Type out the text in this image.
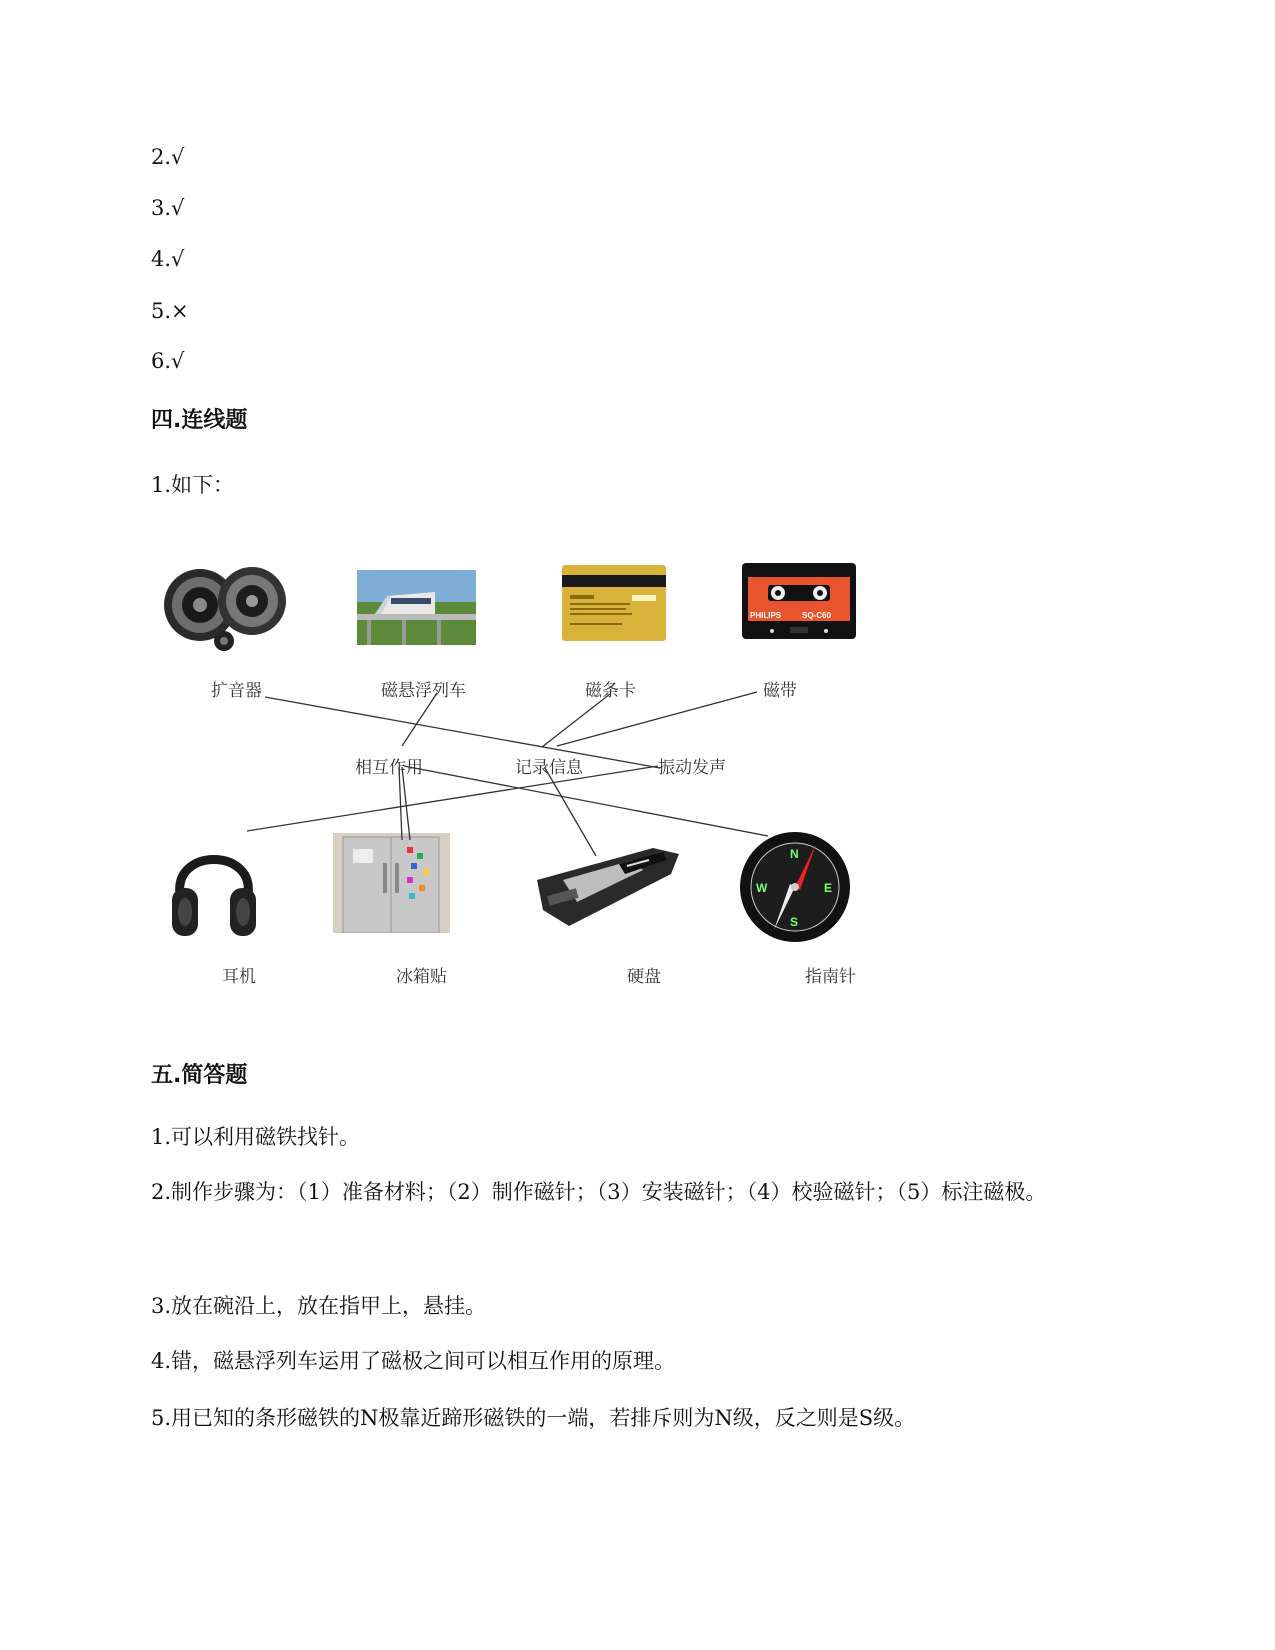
2.√
3.√
4.√
5.×
6.√
四.连线题
1.如下：
扩音器	磁悬浮列车	磁条卡
PHILIPS	SQ-C60
磁带
相互作用	记录信息	振动发声
耳机	冰箱贴	硬盘
N
S
W	E
指南针
五.简答题
1.可以利用磁铁找针。
2.制作步骤为：（1）准备材料；（2）制作磁针；（3）安装磁针；（4）校验磁针；（5）标注磁极。
3.放在碗沿上，放在指甲上，悬挂。
4.错，磁悬浮列车运用了磁极之间可以相互作用的原理。
5.用已知的条形磁铁的N极靠近蹄形磁铁的一端，若排斥则为N级，反之则是S级。
